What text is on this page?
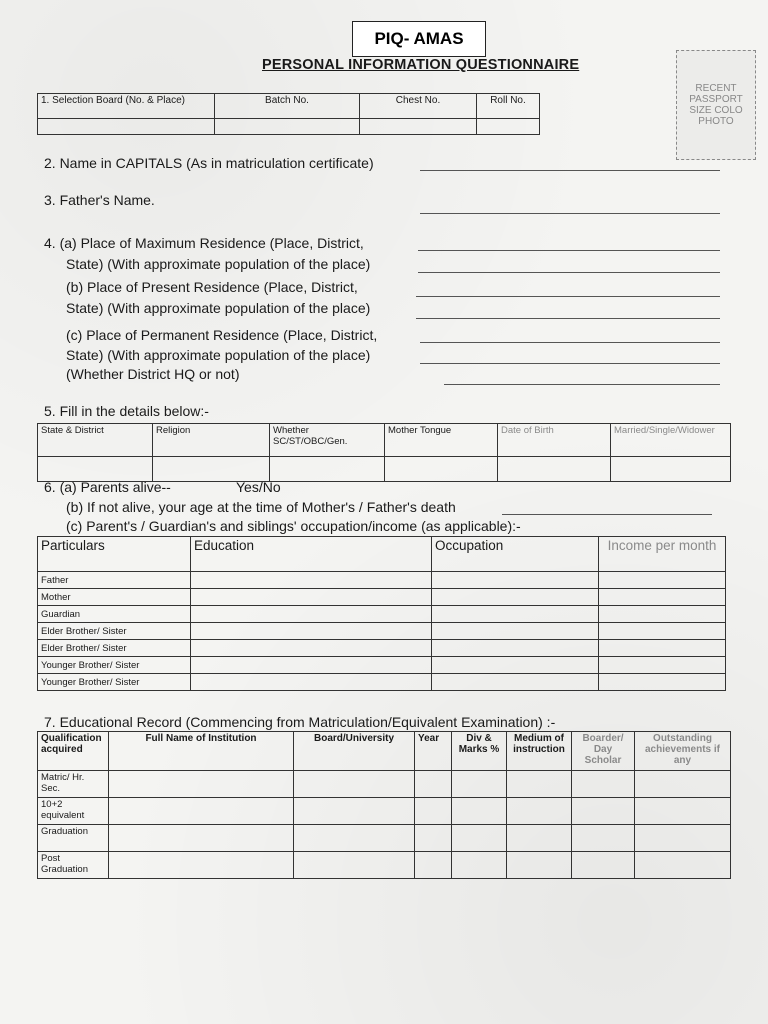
PIQ- AMAS
PERSONAL INFORMATION QUESTIONNAIRE
RECENT
PASSPORT
SIZE COLO
PHOTO
1. Selection Board (No. & Place)	Batch No.	Chest No.	Roll No.

2. Name in CAPITALS (As in matriculation certificate)
3. Father's Name.
4. (a) Place of Maximum Residence (Place, District,
State) (With approximate population of the place)
(b) Place of Present Residence (Place, District,
State) (With approximate population of the place)
(c) Place of Permanent Residence (Place, District,
State) (With approximate population of the place)
(Whether District HQ or not)
5. Fill in the details below:-
State & District	Religion	Whether SC/ST/OBC/Gen.	Mother Tongue	Date of Birth	Married/Single/Widower

6. (a) Parents alive--	Yes/No
(b) If not alive, your age at the time of Mother's / Father's death
(c) Parent's / Guardian's and siblings' occupation/income (as applicable):-
Particulars	Education	Occupation	Income per month
Father			
Mother			
Guardian			
Elder Brother/ Sister			
Elder Brother/ Sister			
Younger Brother/ Sister			
Younger Brother/ Sister			
7. Educational Record (Commencing from Matriculation/Equivalent Examination) :-
Qualification acquired	Full Name of Institution	Board/University	Year	Div & Marks %	Medium of instruction	Boarder/ Day Scholar	Outstanding achievements if any
Matric/ Hr. Sec.							
10+2 equivalent							
Graduation							
Post Graduation							
